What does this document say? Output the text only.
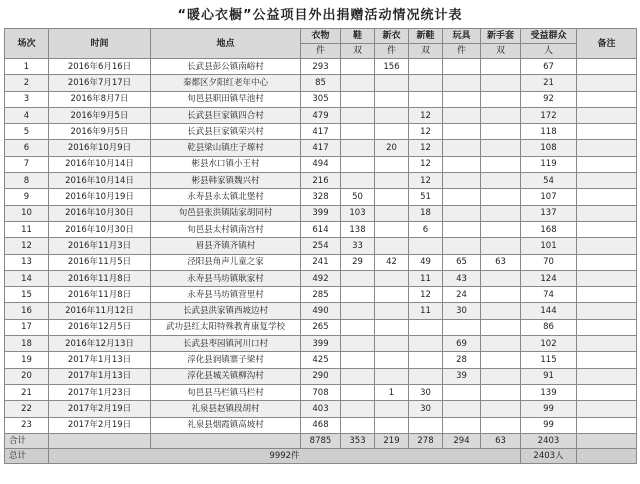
“暖心衣橱”公益项目外出捐赠活动情况统计表
场次	时间	地点	衣物	鞋	新衣	新鞋	玩具	新手套	受益群众	备注
			件	双	件	双	件	双	人	
1	2016年6月16日	长武县彭公镇南峪村	293		156				67	
2	2016年7月17日	秦都区夕阳红老年中心	85						21	
3	2016年8月7日	旬邑县职田镇早池村	305						92	
4	2016年9月5日	长武县巨家镇四合村	479			12			172	
5	2016年9月5日	长武县巨家镇荣兴村	417			12			118	
6	2016年10月9日	乾县梁山镇庄子塬村	417		20	12			108	
7	2016年10月14日	彬县水口镇小王村	494			12			119	
8	2016年10月14日	彬县韩家镇魏兴村	216			12			54	
9	2016年10月19日	永寿县永太镇北堡村	328	50		51			107	
10	2016年10月30日	旬邑县张洪镇陆家胡同村	399	103		18			137	
11	2016年10月30日	旬邑县太村镇南宫村	614	138		6			168	
12	2016年11月3日	眉县齐镇齐镇村	254	33					101	
13	2016年11月5日	泾阳县角声儿童之家	241	29	42	49	65	63	70	
14	2016年11月8日	永寿县马坊镇耿家村	492			11	43		124	
15	2016年11月8日	永寿县马坊镇营里村	285			12	24		74	
16	2016年11月12日	长武县洪家镇西坡边村	490			11	30		144	
17	2016年12月5日	武功县红太阳特殊教育康复学校	265						86	
18	2016年12月13日	长武县枣园镇河川口村	399				69		102	
19	2017年1月13日	淳化县润镇寨子梁村	425				28		115	
20	2017年1月13日	淳化县城关镇柳沟村	290				39		91	
21	2017年1月23日	旬邑县马栏镇马栏村	708		1	30			139	
22	2017年2月19日	礼泉县赵镇段胡村	403			30			99	
23	2017年2月19日	礼泉县烟霞镇高坡村	468						99	
合计			8785	353	219	278	294	63	2403	
总计	9992件								2403人	
